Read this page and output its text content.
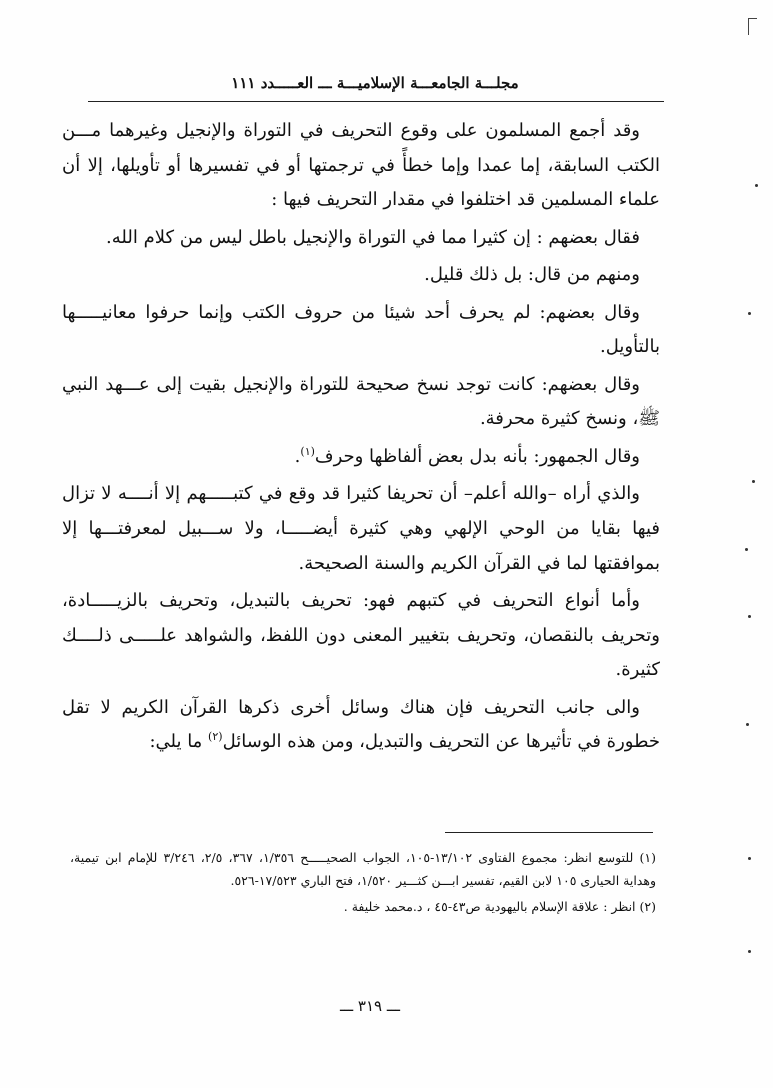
مجلـــة الجامعـــة الإسلاميـــة ـــ العـــــدد ١١١

وقد أجمع المسلمون على وقوع التحريف في التوراة والإنجيل وغيرهما مـــن الكتب السابقة، إما عمدا وإما خطأً في ترجمتها أو في تفسيرها أو تأويلها، إلا أن علماء المسلمين قد اختلفوا في مقدار التحريف فيها :

فقال بعضهم : إن كثيرا مما في التوراة والإنجيل باطل ليس من كلام الله.

ومنهم من قال: بل ذلك قليل.

وقال بعضهم: لم يحرف أحد شيئا من حروف الكتب وإنما حرفوا معانيـــــها بالتأويل.

وقال بعضهم: كانت توجد نسخ صحيحة للتوراة والإنجيل بقيت إلى عـــهد النبي ﷺ، ونسخ كثيرة محرفة.

وقال الجمهور: بأنه بدل بعض ألفاظها وحرف$^{(١)}$.

والذي أراه –والله أعلم– أن تحريفا كثيرا قد وقع في كتبـــــهم إلا أنــــه لا تزال فيها بقايا من الوحي الإلهي وهي كثيرة أيضـــــا، ولا ســـبيل لمعرفتـــها إلا بموافقتها لما في القرآن الكريم والسنة الصحيحة.

وأما أنواع التحريف في كتبهم فهو: تحريف بالتبديل، وتحريف بالزيـــــادة، وتحريف بالنقصان، وتحريف بتغيير المعنى دون اللفظ، والشواهد علـــــى ذلــــك كثيرة.

والى جانب التحريف فإن هناك وسائل أخرى ذكرها القرآن الكريم لا تقل خطورة في تأثيرها عن التحريف والتبديل، ومن هذه الوسائل$^{(٢)}$ ما يلي:

(١) للتوسع انظر: مجموع الفتاوى ١٣/١٠٢-١٠٥، الجواب الصحيـــــح ١/٣٥٦، ٣٦٧، ٢/٥، ٣/٢٤٦ للإمام ابن تيمية، وهداية الحيارى ١٠٥ لابن القيم، تفسير ابـــن كثـــير ١/٥٢٠، فتح الباري ١٧/٥٢٣-٥٢٦.

(٢) انظر : علاقة الإسلام باليهودية ص٤٣-٤٥ ، د.محمد خليفة .

ـــ ٣١٩ ـــ
